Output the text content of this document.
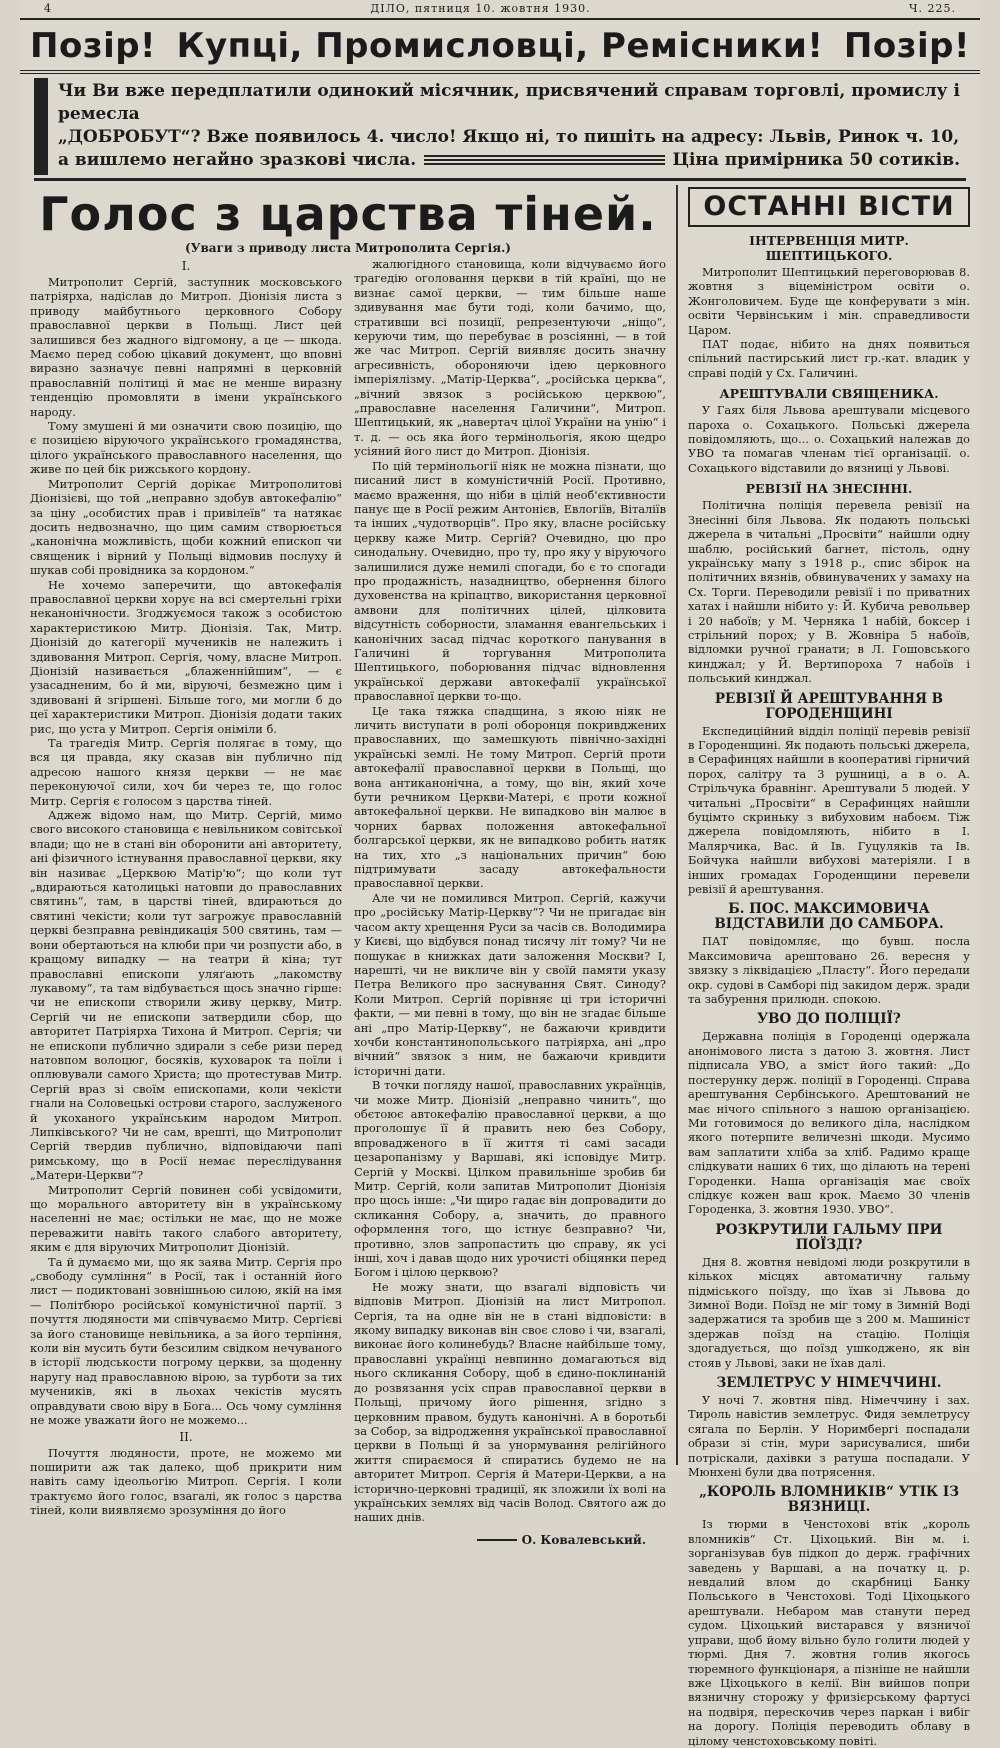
4	ДІЛО, пятниця 10. жовтня 1930.	Ч. 225.
Позір! Купці, Промисловці, Ремісники! Позір!
Чи Ви вже передплатили одинокий місячник, присвячений справам торговлі, промислу і ремесла
„ДОБРОБУТ“? Вже появилось 4. число! Якщо ні, то пишіть на адресу: Львів, Ринок ч. 10,
а вишлемо негайно зразкові числа.	Ціна примірника 50 сотиків.
Голос з царства тіней.
(Уваги з приводу листа Митрополита Сергія.)
I.

Митрополит Сергій, заступник московського патріярха, надіслав до Митроп. Діонізія листа з приводу майбутнього церковного Собору православної церкви в Польщі. Лист цей залишився без жадного відгомону, а це — шкода. Маємо перед собою цікавий документ, що вповні виразно зазначує певні напрямні в церковній православній політиці й має не менше виразну тенденцію промовляти в імени українського народу.

Тому змушені й ми означити свою позицію, що є позицією віруючого українського громадянства, цілого українського православного населення, що живе по цей бік рижського кордону.

Митрополит Сергій дорікає Митрополитові Діонізієві, що той „неправно здобув автокефалію“ за ціну „особистих прав і привілеїв“ та натякає досить недвозначно, що цим самим створюється „канонічна можливість, щоби кожний епископ чи священик і вірний у Польщі відмовив послуху й шукав собі провідника за кордоном.“

Не хочемо заперечити, що автокефалія православної церкви хорує на всі смертельні гріхи неканонічности. Згоджуємося також з особистою характеристикою Митр. Діонізія. Так, Митр. Діонізій до категорії мучеників не належить і здивовання Митроп. Сергія, чому, власне Митроп. Діонізій називається „блаженнійшим“, — є узасадненим, бо й ми, віруючі, безмежно цим і здивовані й згіршені. Більше того, ми могли б до цеї характеристики Митроп. Діонізія додати таких рис, що уста у Митроп. Сергія оніміли б.

Та трагедія Митр. Сергія полягає в тому, що вся ця правда, яку сказав він публично під адресою нашого князя церкви — не має переконуючої сили, хоч би через те, що голос Митр. Сергія є голосом з царства тіней.

Аджеж відомо нам, що Митр. Сергій, мимо свого високого становища є невільником совітської влади; що не в стані він оборонити ані авторитету, ані фізичного істнування православної церкви, яку він називає „Церквою Матір'ю“; що коли тут „вдираються католицькі натовпи до православних святинь“, там, в царстві тіней, вдираються до святині чекісти; коли тут загрожує православній церкві безправна ревіндикація 500 святинь, там — вони обертаються на клюби при чи розпусти або, в кращому випадку — на театри й кіна; тут православні епископи уляґають „лакомству лукавому“, та там відбувається щось значно гірше: чи не епископи створили живу церкву, Митр. Сергій чи не епископи затвердили сбор, що авторитет Патріярха Тихона й Митроп. Сергія; чи не епископи публично здирали з себе ризи перед натовпом волоцюг, босяків, куховарок та поїли і оплювували самого Христа; що протестував Митр. Сергій враз зі своїм епископами, коли чекісти гнали на Соловецькі острови старого, заслуженого й укоханого українським народом Митроп. Липківського? Чи не сам, врешті, що Митрополит Сергій твердив публично, відповідаючи папі римському, що в Росії немає переслідування „Матери-Церкви“?

Митрополит Сергій повинен собі усвідомити, що морального авторитету він в українському населенні не має; остільки не має, що не може переважити навіть такого слабого авторитету, яким є для віруючих Митрополит Діонізій.

Та й думаємо ми, що як заява Митр. Сергія про „свободу сумління“ в Росії, так і останній його лист — подиктовані зовнішньою силою, якій на імя — Політбюро російської комуністичної партії. З почуття людяности ми співчуваємо Митр. Сергієві за його становище невільника, а за його терпіння, коли він мусить бути безсилим свідком нечуваного в історії людськости погрому церкви, за щоденну наругу над православною вірою, за турботи за тих мучеників, які в льохах чекістів мусять оправдувати свою віру в Бога... Ось чому сумління не може уважати його не можемо...

II.

Почуття людяности, проте, не можемо ми поширити аж так далеко, щоб прикрити ним навіть саму ідеольогію Митроп. Сергія. І коли трактуємо його голос, взагалі, як голос з царства тіней, коли виявляємо зрозуміння до його

жалюгідного становища, коли відчуваємо його трагедію оголовання церкви в тій країні, що не визнає самої церкви, — тим більше наше здивування має бути тоді, коли бачимо, що, стративши всі позиції, репрезентуючи „ніщо“, керуючи тим, що перебуває в розсіянні, — в той же час Митроп. Сергій виявляє досить значну агресивність, обороняючи ідею церковного імперіялізму. „Матір-Церква“, „російська церква“, „вічний звязок з російською церквою“, „православне населення Галичини“, Митроп. Шептицький, як „навертач цілої України на унію“ і т. д. — ось яка його термінольогія, якою щедро усіяний його лист до Митроп. Діонізія.

По цій термінольогії ніяк не можна пізнати, що писаний лист в комуністичній Росії. Противно, маємо враження, що ніби в цілій необ'єктивности панує ще в Росії режим Антонієв, Евлогіїв, Віталіїв та інших „чудотворців“. Про яку, власне російську церкву каже Митр. Сергій? Очевидно, цю про синодальну. Очевидно, про ту, про яку у віруючого залишилися дуже немилі спогади, бо є то спогади про продажність, назадництво, обернення білого духовенства на кріпацтво, використання церковної амвони для політичних цілей, цілковита відсутність соборности, зламання евангельських і канонічних засад підчас короткого панування в Галичині й торгування Митрополита Шептицького, поборювання підчас відновлення української держави автокефалії української православної церкви то-що.

Це така тяжка спадщина, з якою ніяк не личить виступати в ролі оборонця покривджених православних, що замешкують північно-західні українські землі. Не тому Митроп. Сергій проти автокефалії православної церкви в Польщі, що вона антиканонічна, а тому, що він, який хоче бути речником Церкви-Матері, є проти кожної автокефальної церкви. Не випадково він малює в чорних барвах положення автокефальної болгарської церкви, як не випадково робить натяк на тих, хто „з національних причин“ бою підтримувати засаду автокефальности православної церкви.

Але чи не помилився Митроп. Сергій, кажучи про „російську Матір-Церкву“? Чи не пригадає він часом акту хрещення Руси за часів св. Володимира у Києві, що відбувся понад тисячу літ тому? Чи не пошукає в книжках дати заложення Москви? І, нарешті, чи не викличе він у своїй памяти указу Петра Великого про заснування Свят. Синоду? Коли Митроп. Сергій порівняє ці три історичні факти, — ми певні в тому, що він не згадає більше ані „про Матір-Церкву“, не бажаючи кривдити хочби константинопольського патріярха, ані „про вічний“ звязок з ним, не бажаючи кривдити історичні дати.

В точки погляду нашої, православних українців, чи може Митр. Діонізій „неправно чинить“, що обєтоює автокефалію православної церкви, а що проголошує її й править нею без Собору, впровадженого в її життя ті самі засади цезаропанізму у Варшаві, які ісповідує Митр. Сергій у Москві. Цілком правильніше зробив би Митр. Сергій, коли запитав Митрополит Діонізія про щось інше: „Чи щиро гадає він допровадити до скликання Собору, а, значить, до правного оформлення того, що істнує безправно? Чи, противно, злов запропастить цю справу, як усі інші, хоч і давав щодо них урочисті обіцянки перед Богом і цілою церквою?

Не можу знати, що взагалі відповість чи відповів Митроп. Діонізій на лист Митропол. Сергія, та на одне він не в стані відповісти: в якому випадку виконав він своє слово і чи, взагалі, виконає його колинебудь? Власне найбільше тому, православні українці невпинно домагаються від нього скликання Собору, щоб в єдино-поклинаній до розвязання усіх справ православної церкви в Польщі, причому його рішення, згідно з церковним правом, будуть канонічні. А в боротьбі за Собор, за відродження української православної церкви в Польщі й за унормування релігійного життя спираємося й спиратись будемо не на авторитет Митроп. Сергія й Матери-Церкви, а на історично-церковні традиції, як зложили їх волі на українських землях від часів Волод. Святого аж до наших днів.

О. Ковалевський.
ОСТАННІ ВІСТИ
ІНТЕРВЕНЦІЯ МИТР. ШЕПТИЦЬКОГО.

Митрополит Шептицький переговорював 8. жовтня з віцеміністром освіти о. Жонголовичем. Буде ще конферувати з мін. освіти Червінським і мін. справедливости Царом.

ПАТ подає, нібито на днях появиться спільний пастирський лист гр.-кат. владик у справі подій у Сх. Галичині.

АРЕШТУВАЛИ СВЯЩЕНИКА.

У Гаях біля Львова арештували місцевого пароха о. Сохацького. Польські джерела повідомляють, що... о. Сохацький належав до УВО та помагав членам тієї організації. о. Сохацького відставили до вязниці у Львові.

РЕВІЗІЇ НА ЗНЕСІННІ.

Політична поліція перевела ревізії на Знесінні біля Львова. Як подають польські джерела в читальні „Просвіти“ найшли одну шаблю, російський багнет, пістоль, одну українську мапу з 1918 р., спис збірок на політичних вязнів, обвинувачених у замаху на Сх. Торги. Переводили ревізії і по приватних хатах і найшли нібито у: Й. Кубича револьвер і 20 набоїв; у М. Черняка 1 набій, боксер і стрільний порох; у В. Жовніра 5 набоїв, відломки ручної гранати; в Л. Гошовського кинджал; у Й. Вертипороха 7 набоїв і польський кинджал.

РЕВІЗІЇ Й АРЕШТУВАННЯ В ГОРОДЕНЩИНІ

Експедиційний відділ поліції перевів ревізії в Городенщині. Як подають польські джерела, в Серафинцях найшли в кооперативі гірничий порох, салітру та 3 рушниці, а в о. А. Стрільчука бравнінг. Арештували 5 людей. У читальні „Просвіти“ в Серафинцях найшли буцімто скриньку з вибуховим набоєм. Тіж джерела повідомляють, нібито в І. Малярчика, Вас. й Ів. Гуцуляків та Ів. Бойчука найшли вибухові матеріяли. І в інших громадах Городенщини перевели ревізії й арештування.

Б. ПОС. МАКСИМОВИЧА ВІДСТАВИЛИ ДО САМБОРА.

ПАТ повідомляє, що бувш. посла Максимовича арештовано 26. вересня у звязку з ліквідацією „Пласту“. Його передали окр. судові в Самборі під закидом держ. зради та забурення прилюдн. спокою.

УВО ДО ПОЛІЦІЇ?

Державна поліція в Городенці одержала анонімового листа з датою 3. жовтня. Лист підписала УВО, а зміст його такий: „До постерунку держ. поліції в Городенці. Справа арештування Сербінського. Арештований не має нічого спільного з нашою організацією. Ми готовимося до великого діла, наслідком якого потерпите величезні шкоди. Мусимо вам заплатити хліба за хліб. Радимо краще слідкувати наших 6 тих, що ділають на терені Городенки. Наша організація має своїх слідкує кожен ваш крок. Маємо 30 членів Городенка, 3. жовтня 1930. УВО“.

РОЗКРУТИЛИ ГАЛЬМУ ПРИ ПОЇЗДІ?

Дня 8. жовтня невідомі люди розкрутили в кількох місцях автоматичну гальму підміського поїзду, що їхав зі Львова до Зимної Води. Поїзд не міг тому в Зимній Воді задержатися та зробив ще з 200 м. Машиніст здержав поїзд на стацію. Поліція здогадується, що поїзд ушкоджено, як він стояв у Львові, заки не їхав далі.

ЗЕМЛЕТРУС У НІМЕЧЧИНІ.

У ночі 7. жовтня півд. Німеччину і зах. Тироль навістив землетрус. Фидя землетрусу сягала по Берлін. У Норимбергі поспадали образи зі стін, мури зарисувалися, шиби потріскали, дахівки з ратуша поспадали. У Мюнхені були два потрясення.

„КОРОЛЬ ВЛОМНИКІВ“ УТІК ІЗ ВЯЗНИЦІ.

Із тюрми в Ченстохові втік „король вломників“ Ст. Ціхоцький. Він м. і. зорганізував був підкоп до держ. графічних заведень у Варшаві, а на початку ц. р. невдалий влом до скарбниці Банку Польського в Ченстохові. Тоді Ціхоцького арештували. Небаром мав станути перед судом. Ціхоцький вистарався у вязничої управи, щоб йому вільно було голити людей у тюрмі. Дня 7. жовтня голив якогось тюремного функціонаря, а пізніше не найшли вже Ціхоцького в келії. Він вийшов попри вязничну сторожу у фризієрському фартусі на подвіря, перескочив через паркан і вибіг на дорогу. Поліція переводить облаву в цілому ченстоховському повіті.
